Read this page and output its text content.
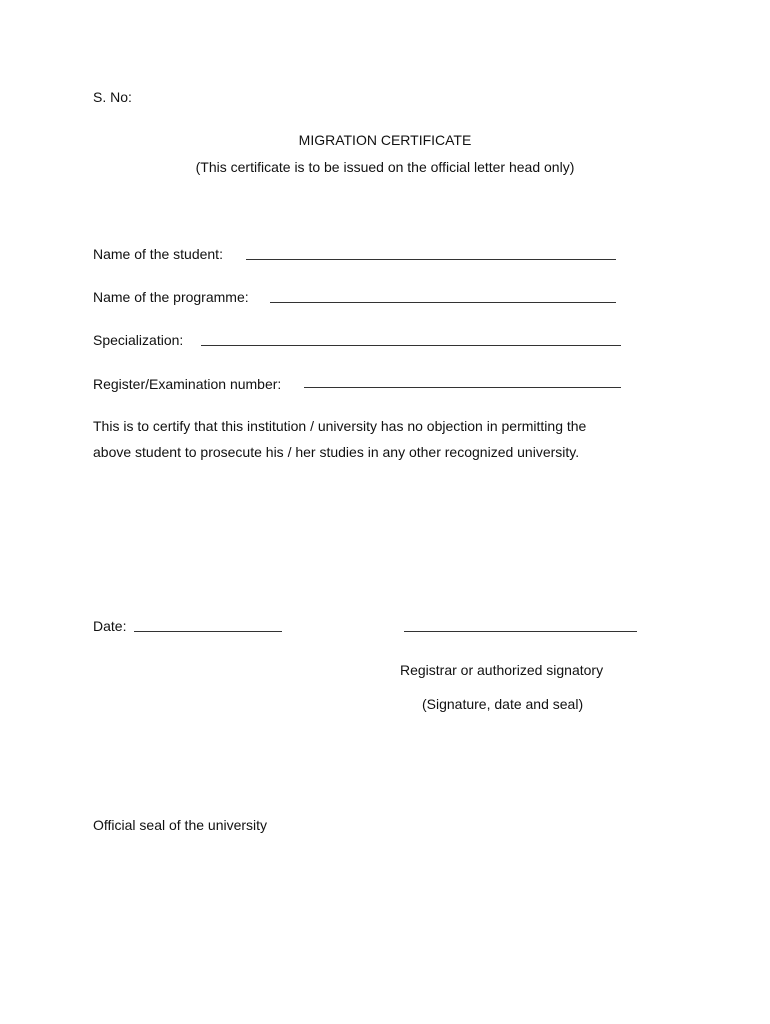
S. No:
MIGRATION CERTIFICATE
(This certificate is to be issued on the official letter head only)
Name of the student:
Name of the programme:
Specialization:
Register/Examination number:
This is to certify that this institution / university has no objection in permitting the
above student to prosecute his / her studies in any other recognized university.
Date:
Registrar or authorized signatory
(Signature, date and seal)
Official seal of the university
